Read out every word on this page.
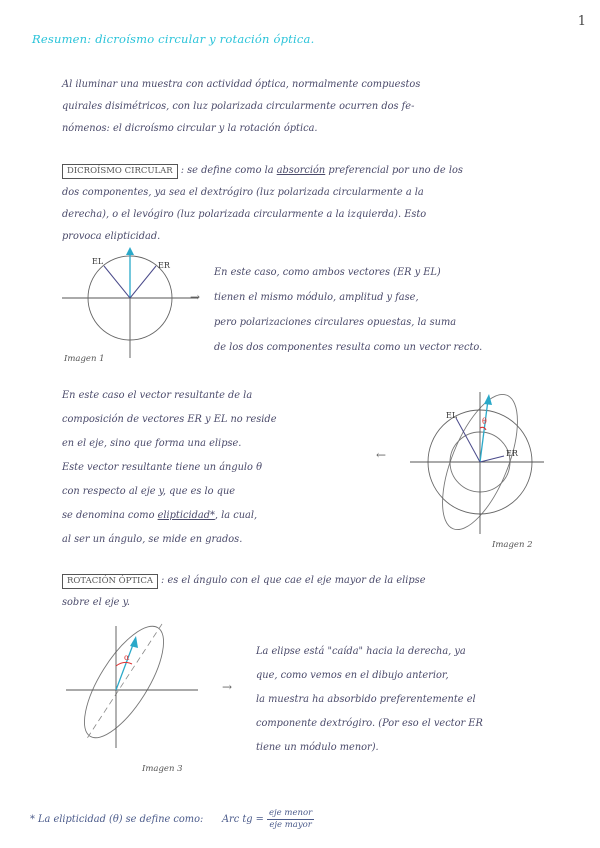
1
Resumen: dicroísmo circular y rotación óptica.
Al iluminar una muestra con actividad óptica, normalmente compuestos
quirales disimétricos, con luz polarizada circularmente ocurren dos fe-
nómenos: el dicroísmo circular y la rotación óptica.
DICROÍSMO CIRCULAR : se define como la absorción preferencial por uno de los
dos componentes, ya sea el dextrógiro (luz polarizada circularmente a la
derecha), o el levógiro (luz polarizada circularmente a la izquierda). Esto
provoca elipticidad.
EL	ER
Imagen 1
→
En este caso, como ambos vectores (ER y EL)
tienen el mismo módulo, amplitud y fase,
pero polarizaciones circulares opuestas, la suma
de los dos componentes resulta como un vector recto.
En este caso el vector resultante de la
composición de vectores ER y EL no reside
en el eje, sino que forma una elipse.
Este vector resultante tiene un ángulo θ
con respecto al eje y, que es lo que
se denomina como elipticidad*, la cual,
al ser un ángulo, se mide en grados.
←
θ
EL
ER
Imagen 2
ROTACIÓN ÓPTICA : es el ángulo con el que cae el eje mayor de la elipse
sobre el eje y.
α
Imagen 3
→
La elipse está "caída" hacia la derecha, ya
que, como vemos en el dibujo anterior,
la muestra ha absorbido preferentemente el
componente dextrógiro. (Por eso el vector ER
tiene un módulo menor).
* La elipticidad (θ) se define como: Arc tg = $\frac{\text{eje menor}}{\text{eje mayor}}$
